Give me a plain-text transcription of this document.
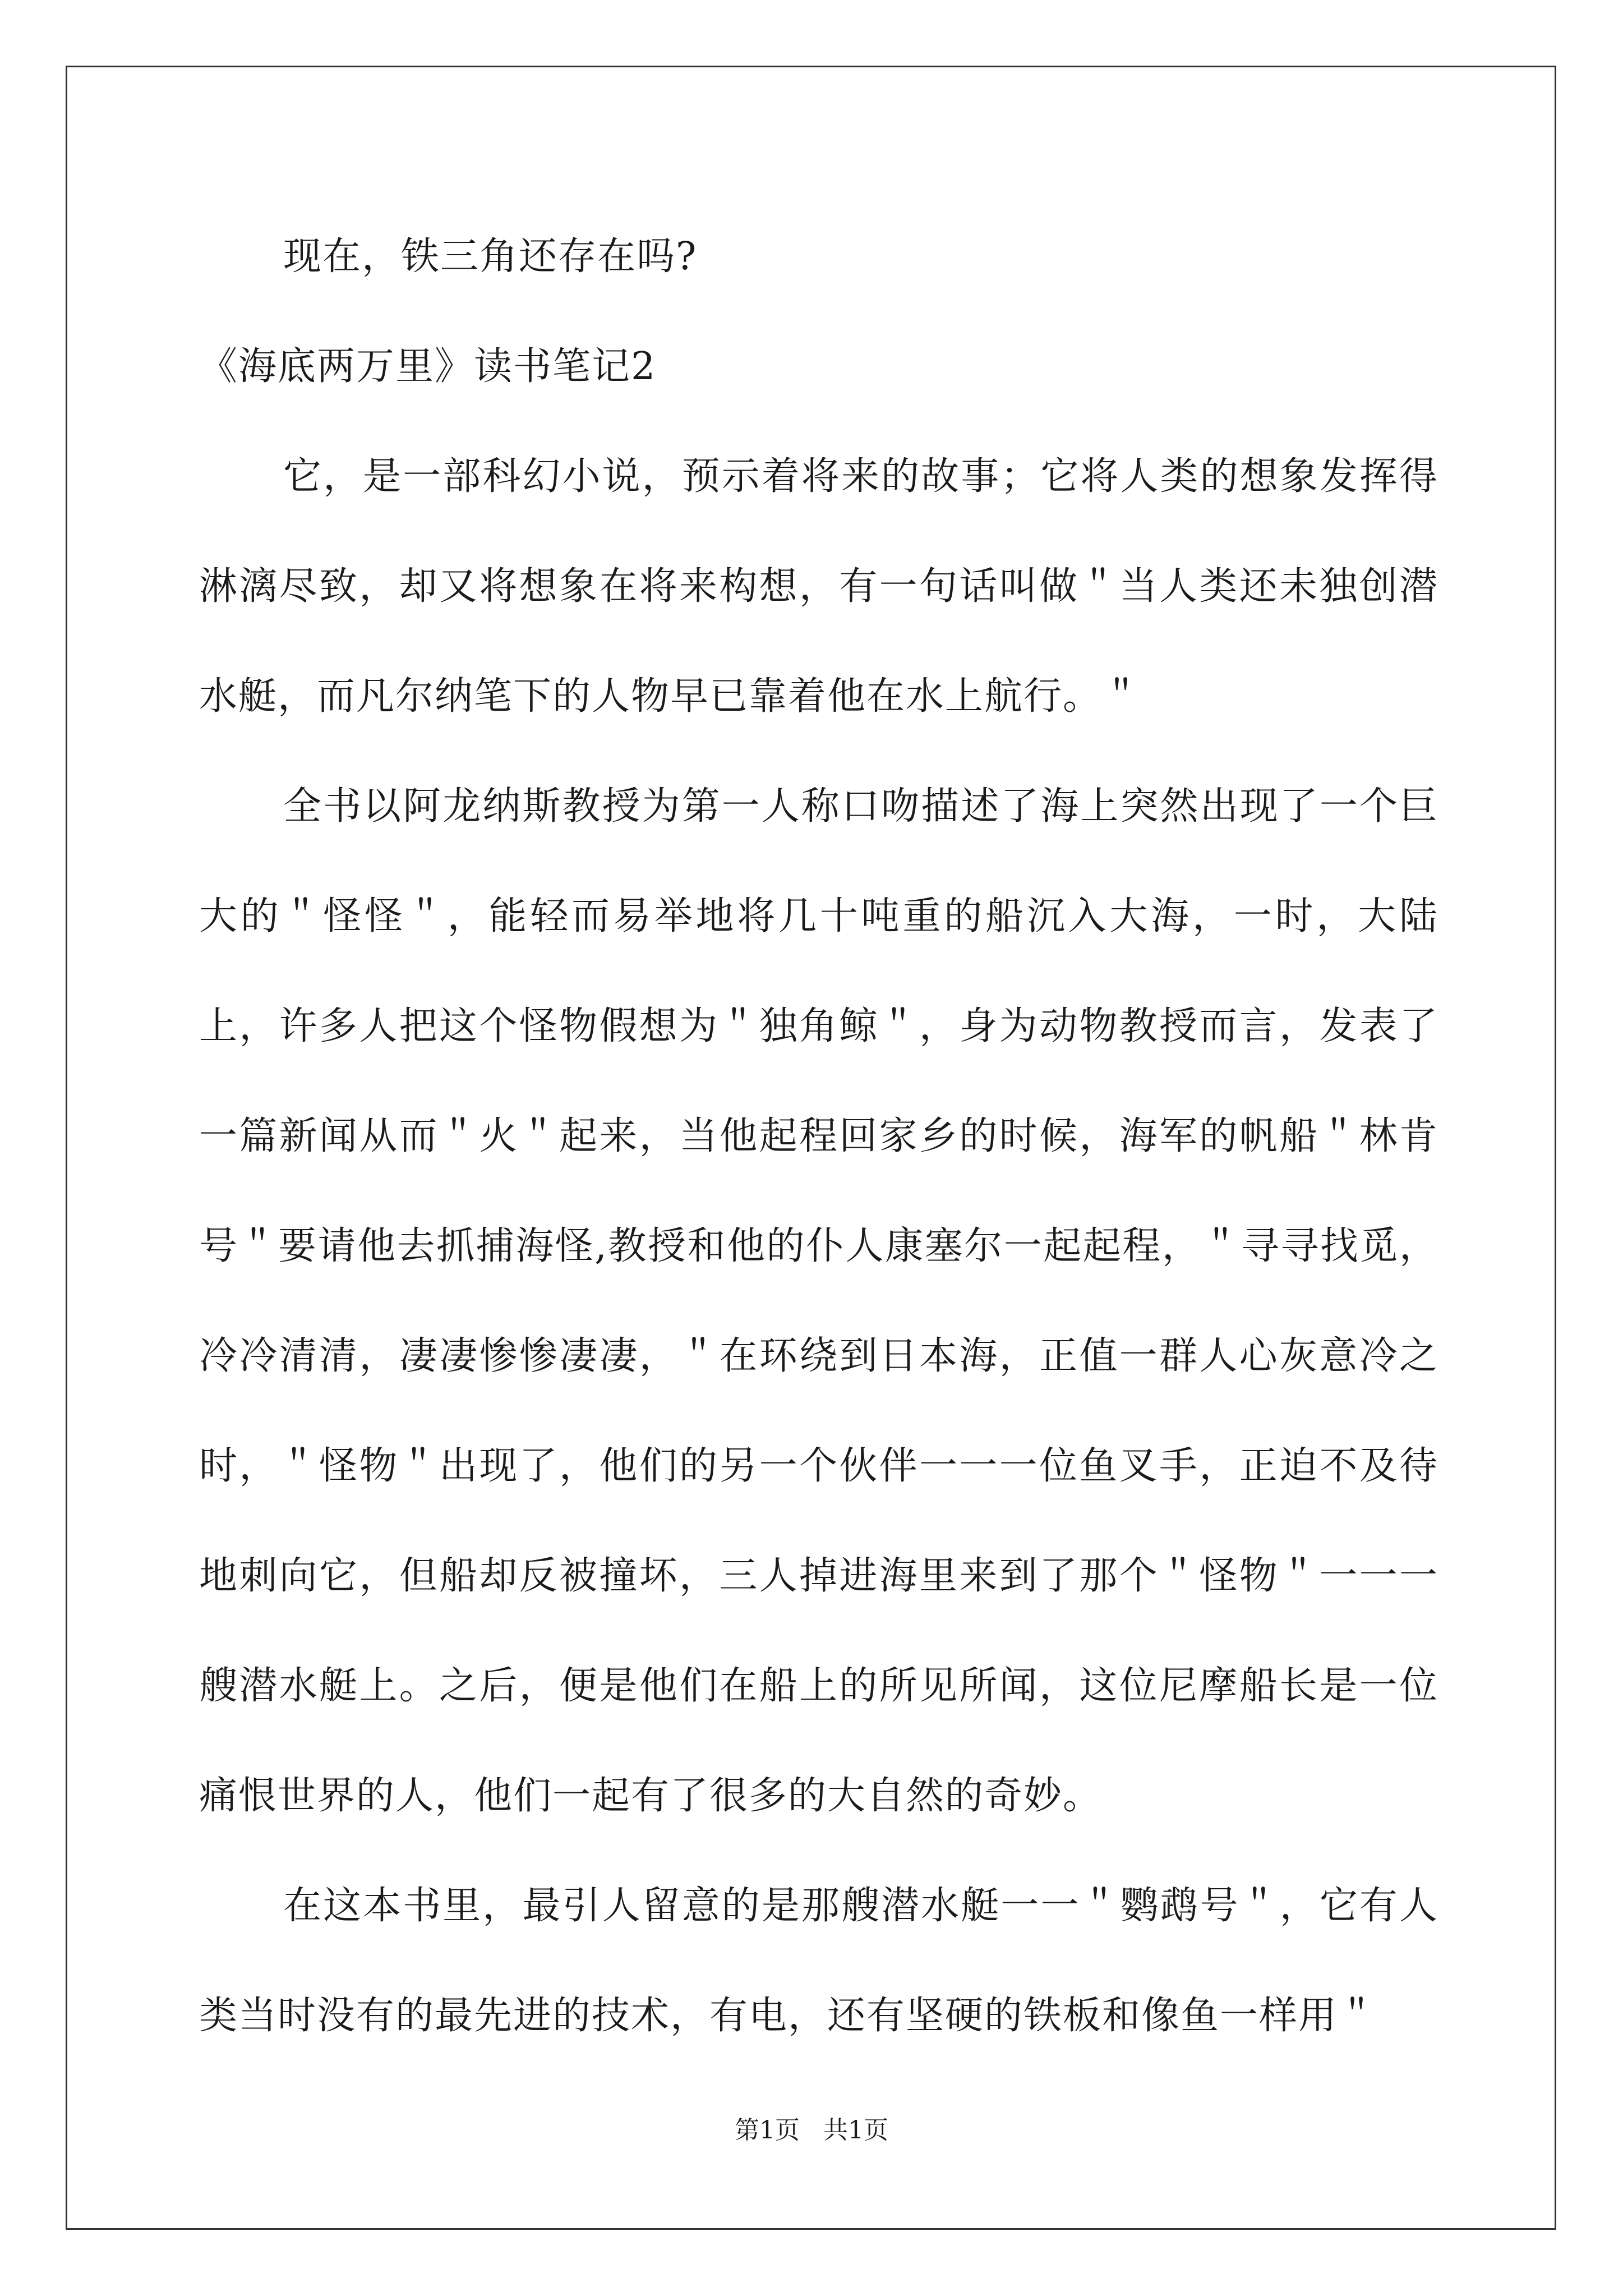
现在，铁三角还存在吗?

《海底两万里》读书笔记2

它，是一部科幻小说，预示着将来的故事；它将人类的想象发挥得淋漓尽致，却又将想象在将来构想，有一句话叫做＂当人类还未独创潜水艇，而凡尔纳笔下的人物早已靠着他在水上航行。＂

全书以阿龙纳斯教授为第一人称口吻描述了海上突然出现了一个巨大的＂怪怪＂，能轻而易举地将几十吨重的船沉入大海，一时，大陆上，许多人把这个怪物假想为＂独角鲸＂，身为动物教授而言，发表了一篇新闻从而＂火＂起来，当他起程回家乡的时候，海军的帆船＂林肯号＂要请他去抓捕海怪,教授和他的仆人康塞尔一起起程，＂寻寻找觅，冷冷清清，凄凄惨惨凄凄，＂在环绕到日本海，正值一群人心灰意冷之时，＂怪物＂出现了，他们的另一个伙伴一一一位鱼叉手，正迫不及待地刺向它，但船却反被撞坏，三人掉进海里来到了那个＂怪物＂一一一艘潜水艇上。之后，便是他们在船上的所见所闻，这位尼摩船长是一位痛恨世界的人，他们一起有了很多的大自然的奇妙。

在这本书里，最引人留意的是那艘潜水艇一一＂鹦鹉号＂，它有人类当时没有的最先进的技术，有电，还有坚硬的铁板和像鱼一样用＂

第1页 共1页
